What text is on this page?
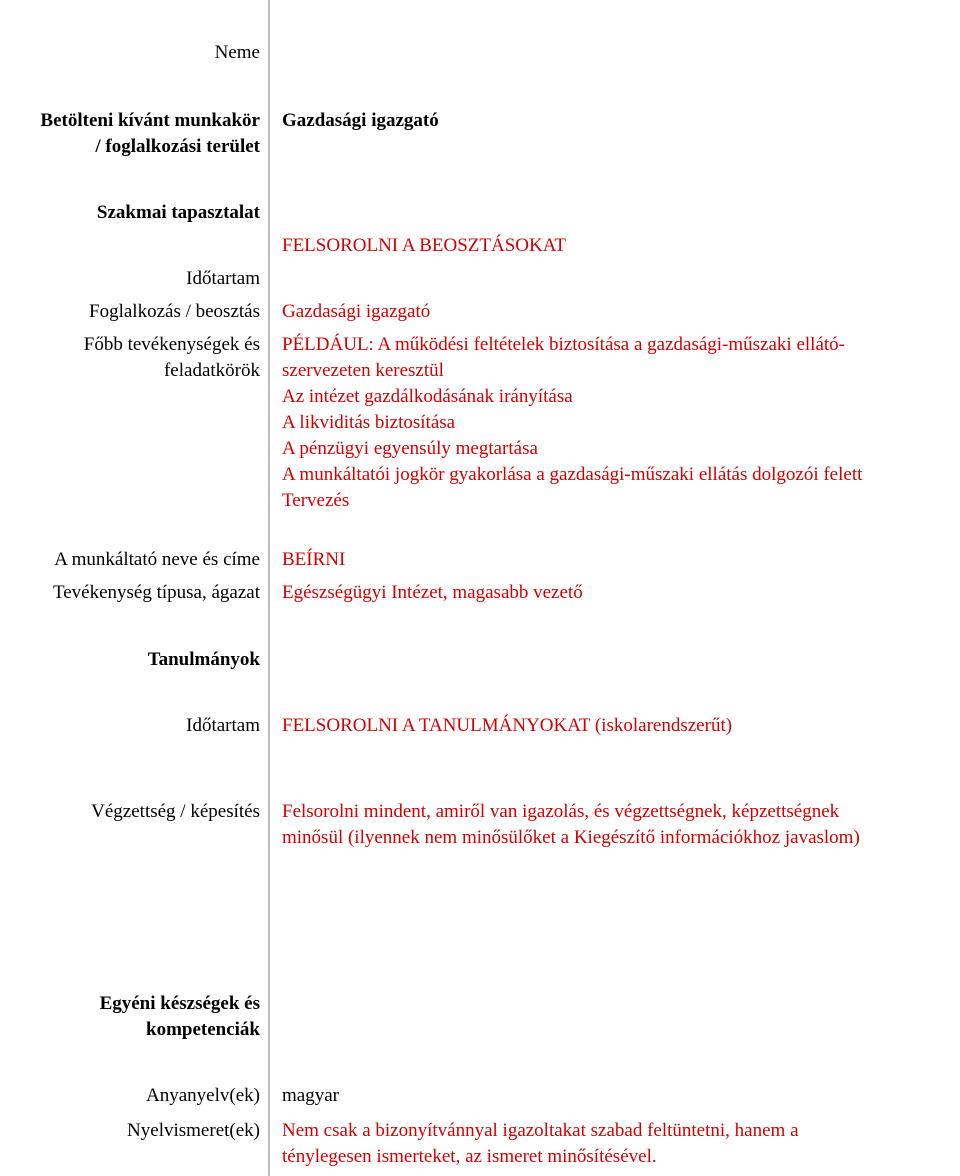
Neme
Betölteni kívánt munkakör
/ foglalkozási terület
Gazdasági igazgató
Szakmai tapasztalat
FELSOROLNI A BEOSZTÁSOKAT
Időtartam
Foglalkozás / beosztás Gazdasági igazgató
Főbb tevékenységek és
feladatkörök
PÉLDÁUL: A működési feltételek biztosítása a gazdasági-műszaki ellátó-
szervezeten keresztül
Az intézet gazdálkodásának irányítása
A likviditás biztosítása
A pénzügyi egyensúly megtartása
A munkáltatói jogkör gyakorlása a gazdasági-műszaki ellátás dolgozói felett
Tervezés
A munkáltató neve és címe BEÍRNI
Tevékenység típusa, ágazat Egészségügyi Intézet, magasabb vezető
Tanulmányok
Időtartam FELSOROLNI A TANULMÁNYOKAT (iskolarendszerűt)
Végzettség / képesítés Felsorolni mindent, amiről van igazolás, és végzettségnek, képzettségnek
minősül (ilyennek nem minősülőket a Kiegészítő információkhoz javaslom)
Egyéni készségek és
kompetenciák
Anyanyelv(ek) magyar
Nyelvismeret(ek) Nem csak a bizonyítvánnyal igazoltakat szabad feltüntetni, hanem a
ténylegesen ismerteket, az ismeret minősítésével.
